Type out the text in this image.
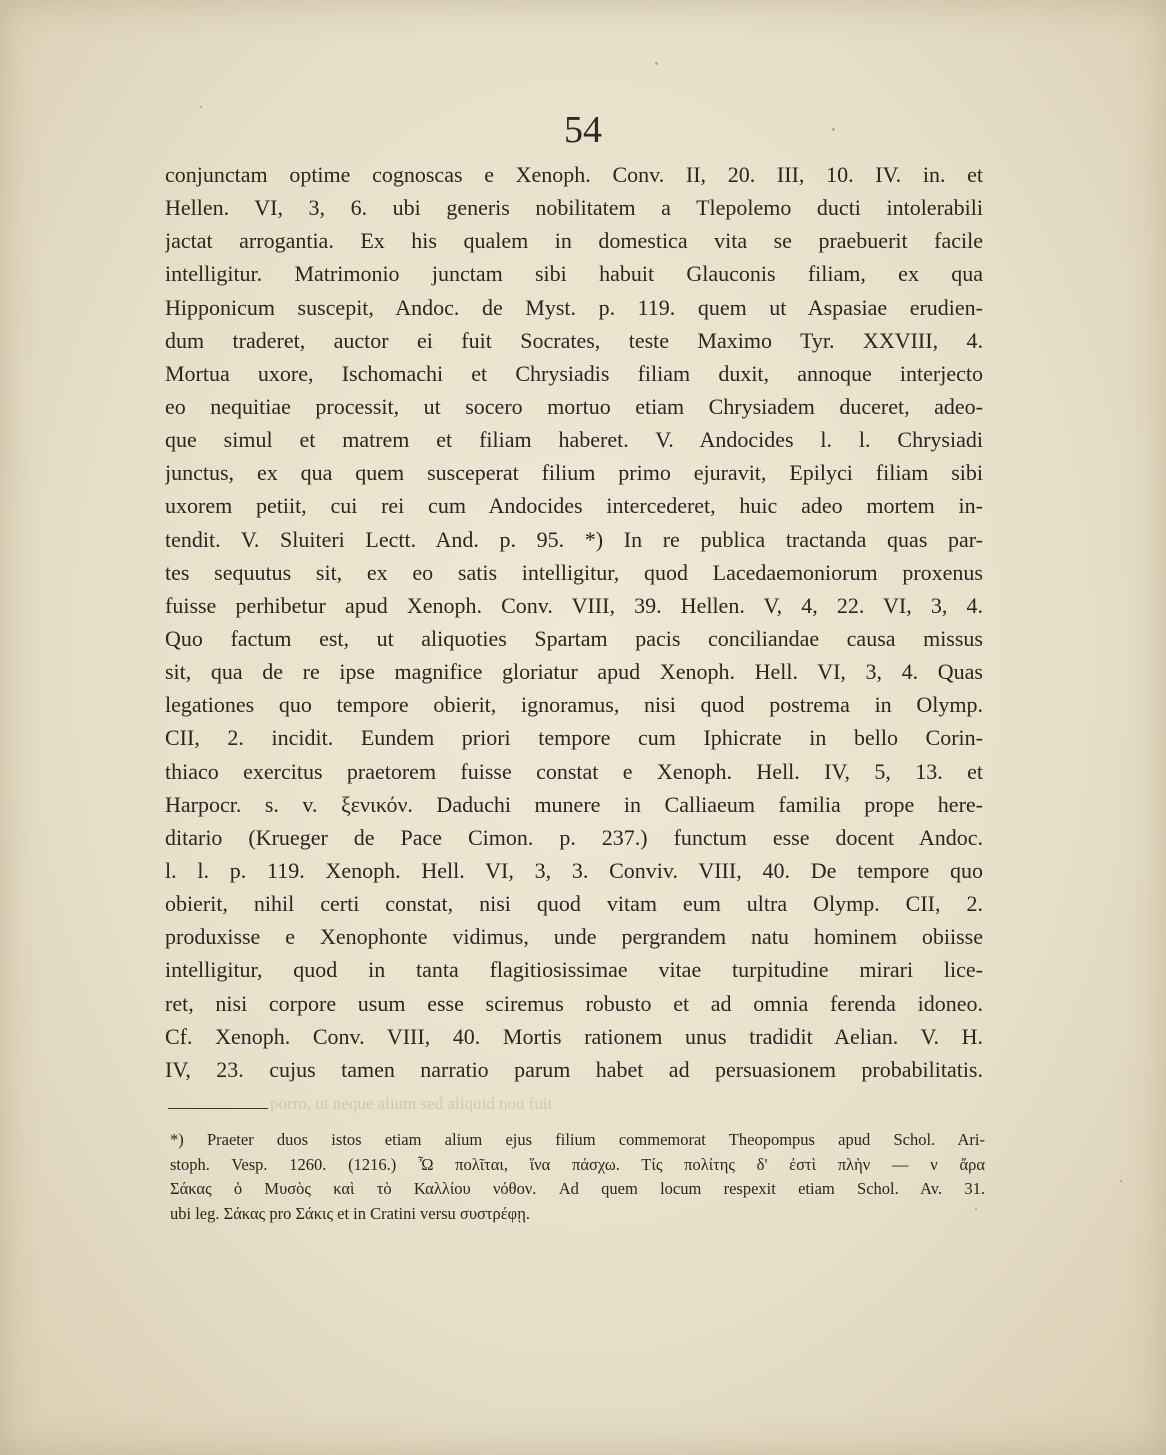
54
conjunctam optime cognoscas e Xenoph. Conv. II, 20. III, 10. IV. in. et
Hellen. VI, 3, 6. ubi generis nobilitatem a Tlepolemo ducti intolerabili
jactat arrogantia. Ex his qualem in domestica vita se praebuerit facile
intelligitur. Matrimonio junctam sibi habuit Glauconis filiam, ex qua
Hipponicum suscepit, Andoc. de Myst. p. 119. quem ut Aspasiae erudien-
dum traderet, auctor ei fuit Socrates, teste Maximo Tyr. XXVIII, 4.
Mortua uxore, Ischomachi et Chrysiadis filiam duxit, annoque interjecto
eo nequitiae processit, ut socero mortuo etiam Chrysiadem duceret, adeo-
que simul et matrem et filiam haberet. V. Andocides l. l. Chrysiadi
junctus, ex qua quem susceperat filium primo ejuravit, Epilyci filiam sibi
uxorem petiit, cui rei cum Andocides intercederet, huic adeo mortem in-
tendit. V. Sluiteri Lectt. And. p. 95. *) In re publica tractanda quas par-
tes sequutus sit, ex eo satis intelligitur, quod Lacedaemoniorum proxenus
fuisse perhibetur apud Xenoph. Conv. VIII, 39. Hellen. V, 4, 22. VI, 3, 4.
Quo factum est, ut aliquoties Spartam pacis conciliandae causa missus
sit, qua de re ipse magnifice gloriatur apud Xenoph. Hell. VI, 3, 4. Quas
legationes quo tempore obierit, ignoramus, nisi quod postrema in Olymp.
CII, 2. incidit. Eundem priori tempore cum Iphicrate in bello Corin-
thiaco exercitus praetorem fuisse constat e Xenoph. Hell. IV, 5, 13. et
Harpocr. s. v. ξενικόν. Daduchi munere in Calliaeum familia prope here-
ditario (Krueger de Pace Cimon. p. 237.) functum esse docent Andoc.
l. l. p. 119. Xenoph. Hell. VI, 3, 3. Conviv. VIII, 40. De tempore quo
obierit, nihil certi constat, nisi quod vitam eum ultra Olymp. CII, 2.
produxisse e Xenophonte vidimus, unde pergrandem natu hominem obiisse
intelligitur, quod in tanta flagitiosissimae vitae turpitudine mirari lice-
ret, nisi corpore usum esse sciremus robusto et ad omnia ferenda idoneo.
Cf. Xenoph. Conv. VIII, 40. Mortis rationem unus tradidit Aelian. V. H.
IV, 23. cujus tamen narratio parum habet ad persuasionem probabilitatis.
porro, ut neque alium sed aliquid nou fuit
*) Praeter duos istos etiam alium ejus filium commemorat Theopompus apud Schol. Ari-
stoph. Vesp. 1260. (1216.) Ὦ πολῖται, ἵνα πάσχω. Τίς πολίτης δ' ἐστὶ πλὴν — ν ἄρα
Σάκας ὁ Μυσὸς καὶ τὸ Καλλίου νόθον. Ad quem locum respexit etiam Schol. Av. 31.
ubi leg. Σάκας pro Σάκις et in Cratini versu συστρέφῃ.
